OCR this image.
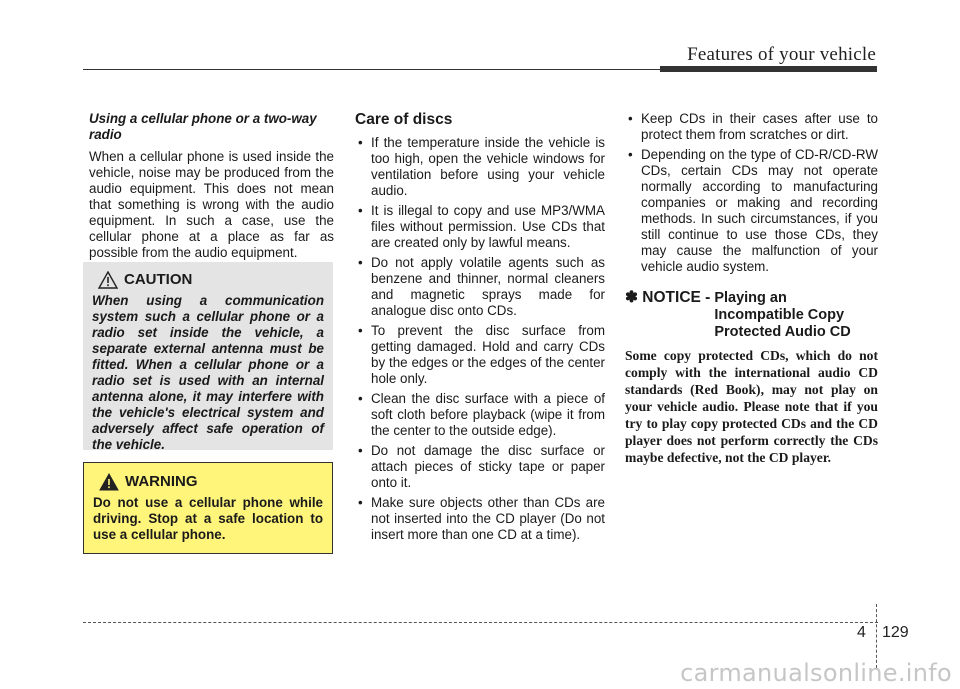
Features of your vehicle

Using a cellular phone or a two-way radio

When a cellular phone is used inside the vehicle, noise may be produced from the audio equipment. This does not mean that something is wrong with the audio equipment. In such a case, use the cellular phone at a place as far as possible from the audio equipment.

CAUTION

When using a communication system such a cellular phone or a radio set inside the vehicle, a separate external antenna must be fitted. When a cellular phone or a radio set is used with an internal antenna alone, it may interfere with the vehicle's electrical system and adversely affect safe operation of the vehicle.

WARNING

Do not use a cellular phone while driving. Stop at a safe location to use a cellular phone.

Care of discs

• If the temperature inside the vehicle is too high, open the vehicle windows for ventilation before using your vehicle audio.
• It is illegal to copy and use MP3/WMA files without permission. Use CDs that are created only by lawful means.
• Do not apply volatile agents such as benzene and thinner, normal cleaners and magnetic sprays made for analogue disc onto CDs.
• To prevent the disc surface from getting damaged. Hold and carry CDs by the edges or the edges of the center hole only.
• Clean the disc surface with a piece of soft cloth before playback (wipe it from the center to the outside edge).
• Do not damage the disc surface or attach pieces of sticky tape or paper onto it.
• Make sure objects other than CDs are not inserted into the CD player (Do not insert more than one CD at a time).
• Keep CDs in their cases after use to protect them from scratches or dirt.
• Depending on the type of CD-R/CD-RW CDs, certain CDs may not operate normally according to manufacturing companies or making and recording methods. In such circumstances, if you still continue to use those CDs, they may cause the malfunction of your vehicle audio system.
✽ NOTICE - Playing an
Incompatible Copy
Protected Audio CD

Some copy protected CDs, which do not comply with the international audio CD standards (Red Book), may not play on your vehicle audio. Please note that if you try to play copy protected CDs and the CD player does not perform correctly the CDs maybe defective, not the CD player.

4 129
carmanualsonline.info
